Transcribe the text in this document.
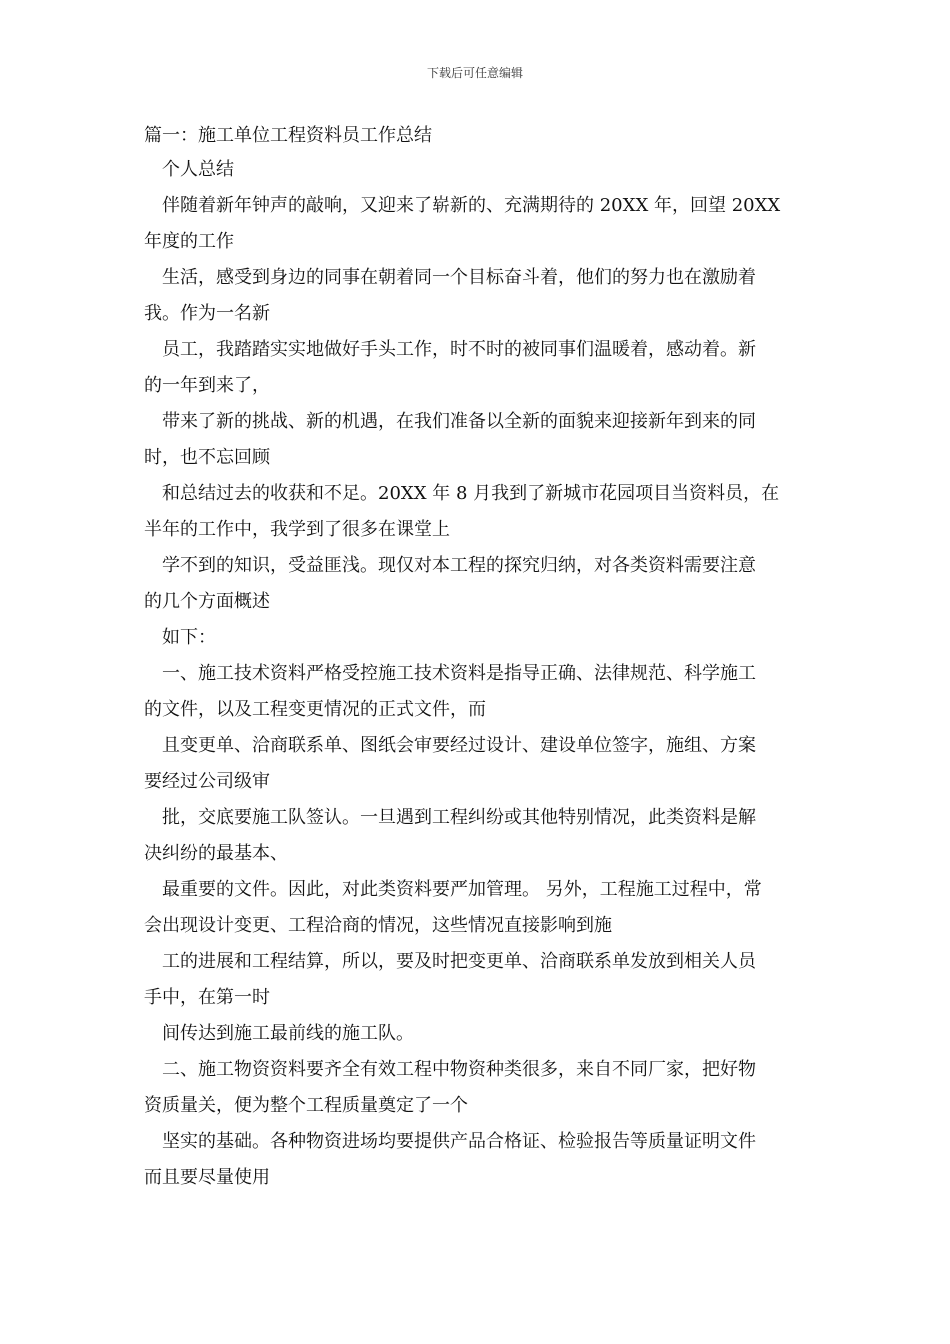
下载后可任意编辑

篇一：施工单位工程资料员工作总结

个人总结

伴随着新年钟声的敲响，又迎来了崭新的、充满期待的 20XX 年，回望 20XX

年度的工作

生活，感受到身边的同事在朝着同一个目标奋斗着，他们的努力也在激励着

我。作为一名新

员工，我踏踏实实地做好手头工作，时不时的被同事们温暖着，感动着。新

的一年到来了，

带来了新的挑战、新的机遇，在我们准备以全新的面貌来迎接新年到来的同

时，也不忘回顾

和总结过去的收获和不足。20XX 年 8 月我到了新城市花园项目当资料员，在

半年的工作中，我学到了很多在课堂上

学不到的知识，受益匪浅。现仅对本工程的探究归纳，对各类资料需要注意

的几个方面概述

如下：

一、施工技术资料严格受控施工技术资料是指导正确、法律规范、科学施工

的文件，以及工程变更情况的正式文件，而

且变更单、洽商联系单、图纸会审要经过设计、建设单位签字，施组、方案

要经过公司级审

批，交底要施工队签认。一旦遇到工程纠纷或其他特别情况，此类资料是解

决纠纷的最基本、

最重要的文件。因此，对此类资料要严加管理。 另外，工程施工过程中，常

会出现设计变更、工程洽商的情况，这些情况直接影响到施

工的进展和工程结算，所以，要及时把变更单、洽商联系单发放到相关人员

手中，在第一时

间传达到施工最前线的施工队。

二、施工物资资料要齐全有效工程中物资种类很多，来自不同厂家，把好物

资质量关，便为整个工程质量奠定了一个

坚实的基础。各种物资进场均要提供产品合格证、检验报告等质量证明文件

而且要尽量使用
